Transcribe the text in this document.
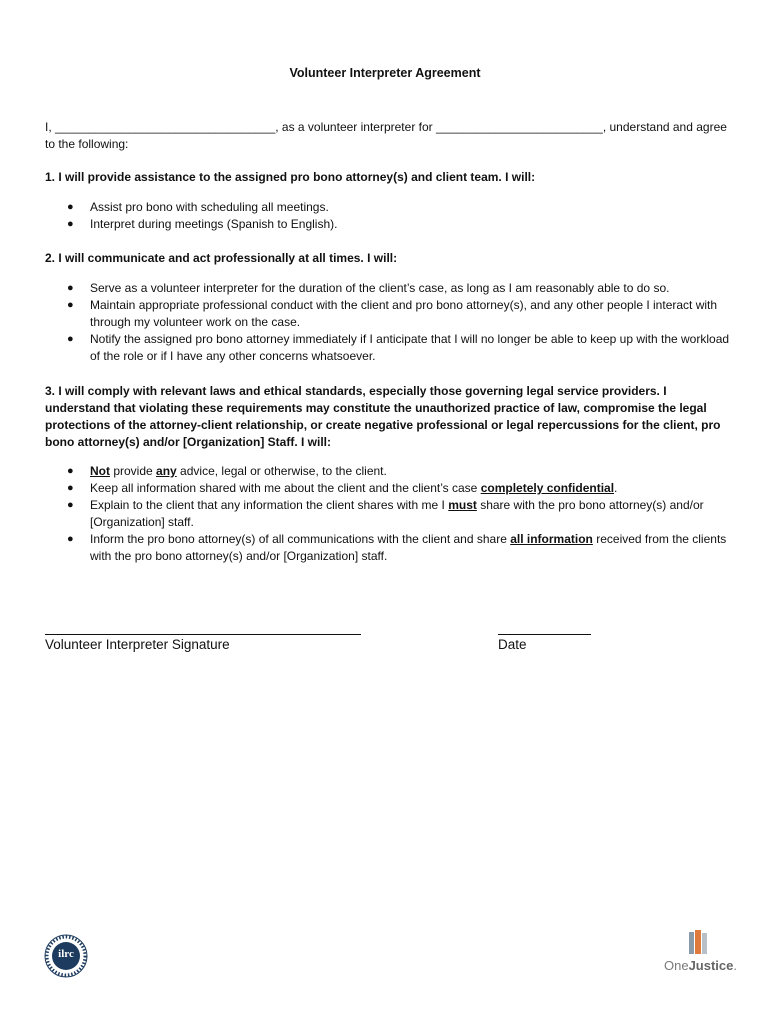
Volunteer Interpreter Agreement
I, _________________________________, as a volunteer interpreter for _________________________, understand and agree to the following:
1. I will provide assistance to the assigned pro bono attorney(s) and client team. I will:
● Assist pro bono with scheduling all meetings.
● Interpret during meetings (Spanish to English).
2. I will communicate and act professionally at all times. I will:
● Serve as a volunteer interpreter for the duration of the client’s case, as long as I am reasonably able to do so.
● Maintain appropriate professional conduct with the client and pro bono attorney(s), and any other people I interact with through my volunteer work on the case.
● Notify the assigned pro bono attorney immediately if I anticipate that I will no longer be able to keep up with the workload of the role or if I have any other concerns whatsoever.
3. I will comply with relevant laws and ethical standards, especially those governing legal service providers. I understand that violating these requirements may constitute the unauthorized practice of law, compromise the legal protections of the attorney-client relationship, or create negative professional or legal repercussions for the client, pro bono attorney(s) and/or [Organization] Staff. I will:
● Not provide any advice, legal or otherwise, to the client.
● Keep all information shared with me about the client and the client’s case completely confidential.
● Explain to the client that any information the client shares with me I must share with the pro bono attorney(s) and/or [Organization] staff.
● Inform the pro bono attorney(s) of all communications with the client and share all information received from the clients with the pro bono attorney(s) and/or [Organization] staff.
Volunteer Interpreter Signature	Date
ilrc
OneJustice.
